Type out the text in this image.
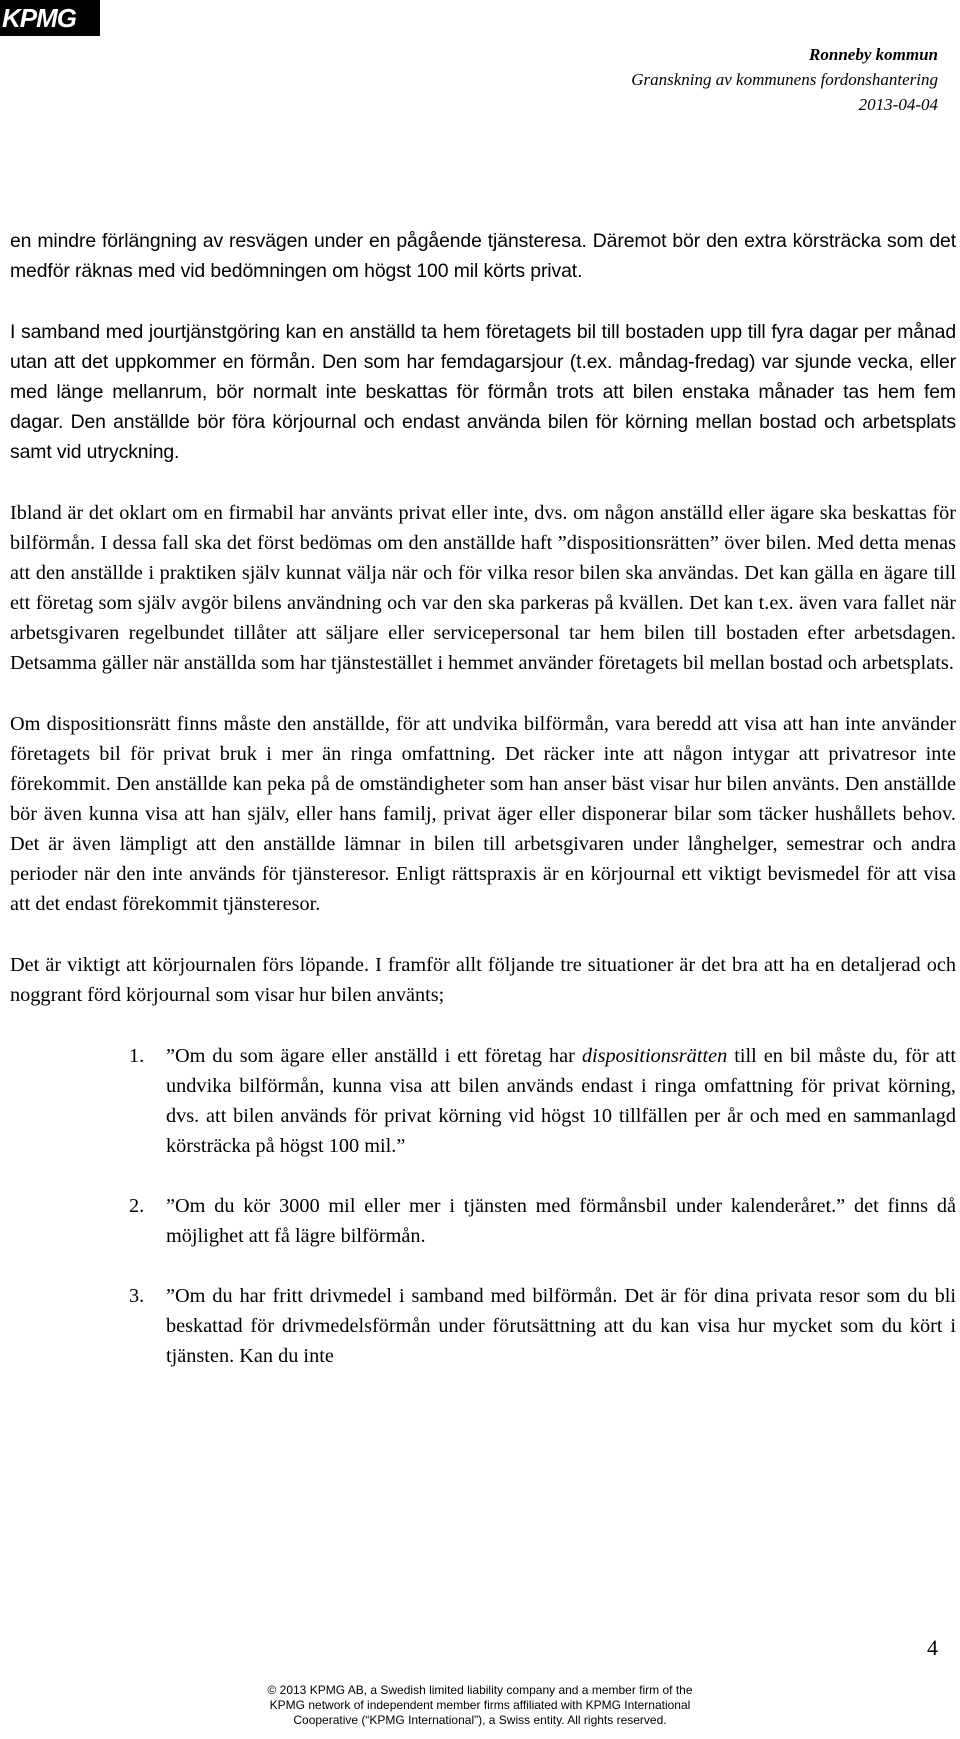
KPMG
Ronneby kommun
Granskning av kommunens fordonshantering
2013-04-04

en mindre förlängning av resvägen under en pågående tjänsteresa. Däremot bör den extra körsträcka som det medför räknas med vid bedömningen om högst 100 mil körts privat.

I samband med jourtjänstgöring kan en anställd ta hem företagets bil till bostaden upp till fyra dagar per månad utan att det uppkommer en förmån. Den som har femdagarsjour (t.ex. måndag-fredag) var sjunde vecka, eller med länge mellanrum, bör normalt inte beskattas för förmån trots att bilen enstaka månader tas hem fem dagar. Den anställde bör föra körjournal och endast använda bilen för körning mellan bostad och arbetsplats samt vid utryckning.

Ibland är det oklart om en firmabil har använts privat eller inte, dvs. om någon anställd eller ägare ska beskattas för bilförmån. I dessa fall ska det först bedömas om den anställde haft ”dispositionsrätten” över bilen. Med detta menas att den anställde i praktiken själv kunnat välja när och för vilka resor bilen ska användas. Det kan gälla en ägare till ett företag som själv avgör bilens användning och var den ska parkeras på kvällen. Det kan t.ex. även vara fallet när arbetsgivaren regelbundet tillåter att säljare eller servicepersonal tar hem bilen till bostaden efter arbetsdagen. Detsamma gäller när anställda som har tjänstestället i hemmet använder företagets bil mellan bostad och arbetsplats.

Om dispositionsrätt finns måste den anställde, för att undvika bilförmån, vara beredd att visa att han inte använder företagets bil för privat bruk i mer än ringa omfattning. Det räcker inte att någon intygar att privatresor inte förekommit. Den anställde kan peka på de omständigheter som han anser bäst visar hur bilen använts. Den anställde bör även kunna visa att han själv, eller hans familj, privat äger eller disponerar bilar som täcker hushållets behov. Det är även lämpligt att den anställde lämnar in bilen till arbetsgivaren under långhelger, semestrar och andra perioder när den inte används för tjänsteresor. Enligt rättspraxis är en körjournal ett viktigt bevismedel för att visa att det endast förekommit tjänsteresor.

Det är viktigt att körjournalen förs löpande. I framför allt följande tre situationer är det bra att ha en detaljerad och noggrant förd körjournal som visar hur bilen använts;

1. ”Om du som ägare eller anställd i ett företag har dispositionsrätten till en bil måste du, för att undvika bilförmån, kunna visa att bilen används endast i ringa omfattning för privat körning, dvs. att bilen används för privat körning vid högst 10 tillfällen per år och med en sammanlagd körsträcka på högst 100 mil.”
2. ”Om du kör 3000 mil eller mer i tjänsten med förmånsbil under kalenderåret.” det finns då möjlighet att få lägre bilförmån.
3. ”Om du har fritt drivmedel i samband med bilförmån. Det är för dina privata resor som du bli beskattad för drivmedelsförmån under förutsättning att du kan visa hur mycket som du kört i tjänsten. Kan du inte
4
© 2013 KPMG AB, a Swedish limited liability company and a member firm of the
KPMG network of independent member firms affiliated with KPMG International
Cooperative (“KPMG International”), a Swiss entity. All rights reserved.
